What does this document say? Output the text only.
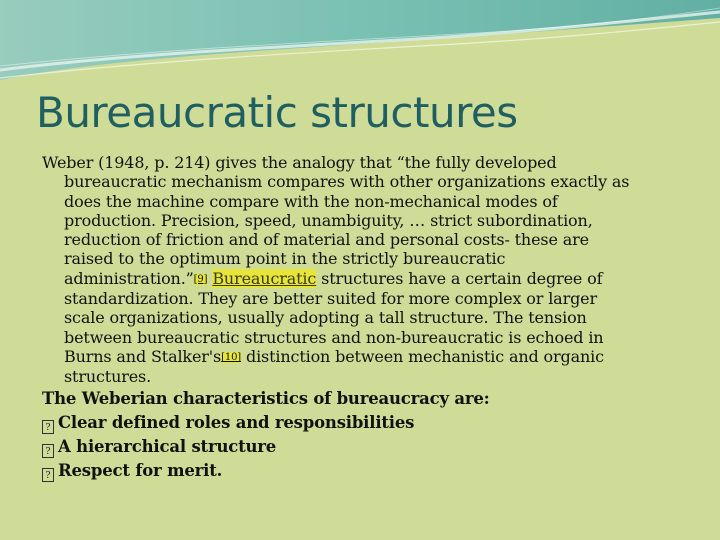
Bureaucratic structures

Weber (1948, p. 214) gives the analogy that “the fully developed
bureaucratic mechanism compares with other organizations exactly as
does the machine compare with the non-mechanical modes of
production. Precision, speed, unambiguity, … strict subordination,
reduction of friction and of material and personal costs- these are
raised to the optimum point in the strictly bureaucratic
administration.”[9] Bureaucratic structures have a certain degree of
standardization. They are better suited for more complex or larger
scale organizations, usually adopting a tall structure. The tension
between bureaucratic structures and non-bureaucratic is echoed in
Burns and Stalker's[10] distinction between mechanistic and organic
structures.

The Weberian characteristics of bureaucracy are:

? Clear defined roles and responsibilities

? A hierarchical structure

? Respect for merit.
